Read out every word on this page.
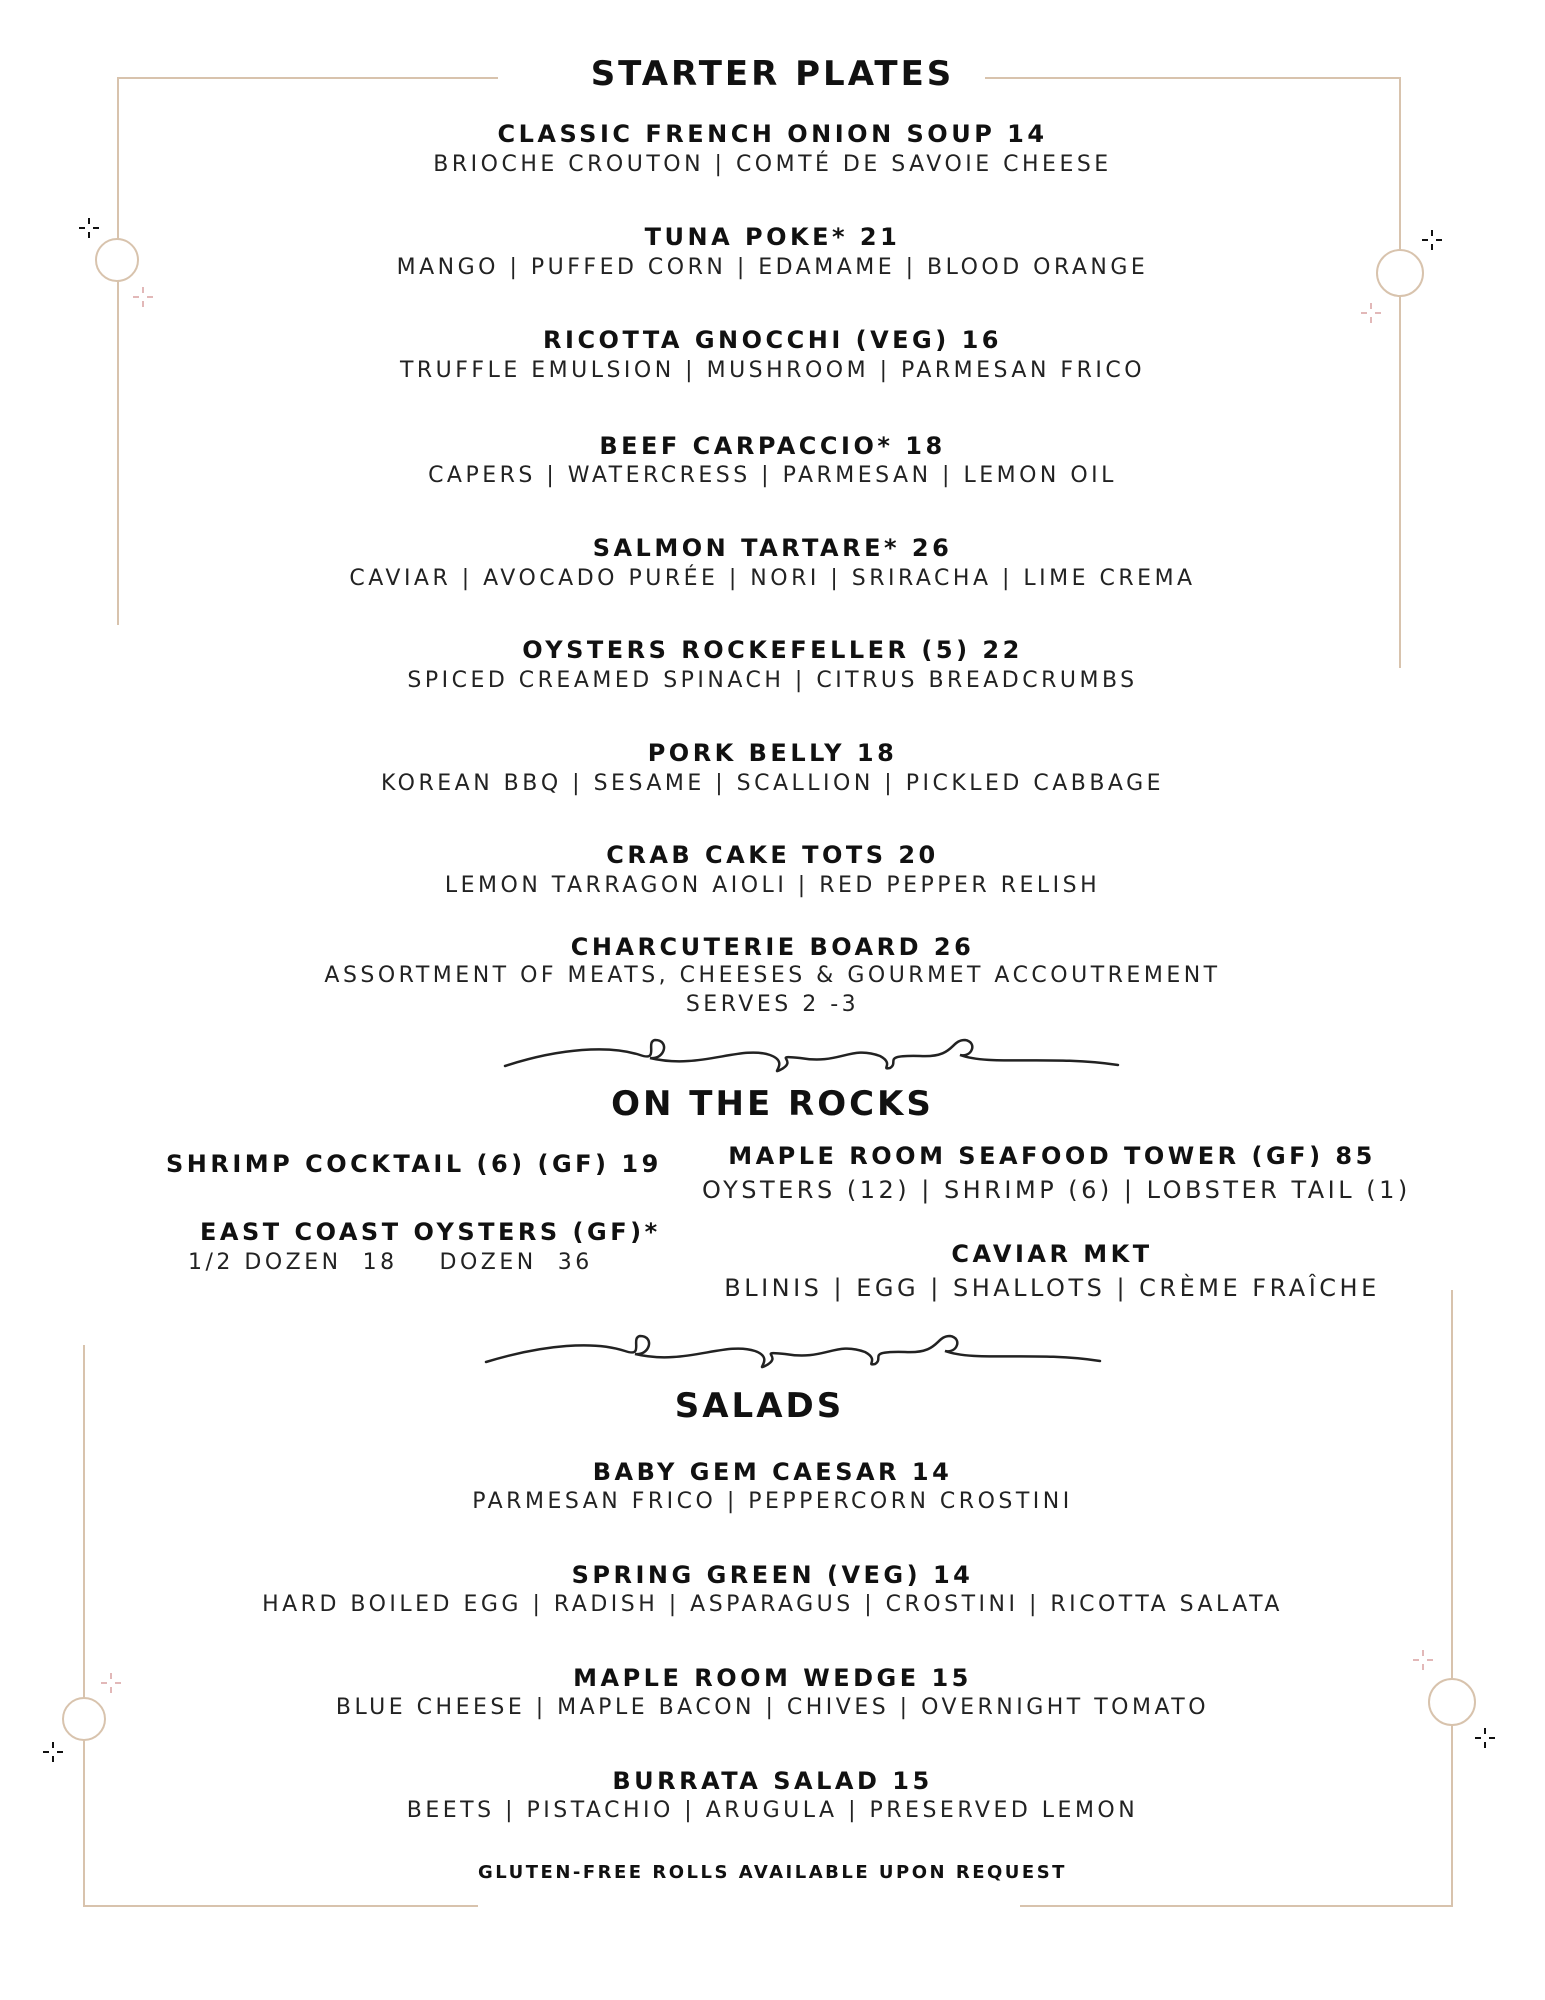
STARTER PLATES
CLASSIC FRENCH ONION SOUP 14
BRIOCHE CROUTON | COMTÉ DE SAVOIE CHEESE
TUNA POKE* 21
MANGO | PUFFED CORN | EDAMAME | BLOOD ORANGE
RICOTTA GNOCCHI (VEG) 16
TRUFFLE EMULSION | MUSHROOM | PARMESAN FRICO
BEEF CARPACCIO* 18
CAPERS | WATERCRESS | PARMESAN | LEMON OIL
SALMON TARTARE* 26
CAVIAR | AVOCADO PURÉE | NORI | SRIRACHA | LIME CREMA
OYSTERS ROCKEFELLER (5) 22
SPICED CREAMED SPINACH | CITRUS BREADCRUMBS
PORK BELLY 18
KOREAN BBQ | SESAME | SCALLION | PICKLED CABBAGE
CRAB CAKE TOTS 20
LEMON TARRAGON AIOLI | RED PEPPER RELISH
CHARCUTERIE BOARD 26
ASSORTMENT OF MEATS, CHEESES & GOURMET ACCOUTREMENT
SERVES 2 -3
ON THE ROCKS
SHRIMP COCKTAIL (6) (GF) 19
EAST COAST OYSTERS (GF)*
1/2 DOZEN  18    DOZEN  36
MAPLE ROOM SEAFOOD TOWER (GF) 85
OYSTERS (12) | SHRIMP (6) | LOBSTER TAIL (1)
CAVIAR MKT
BLINIS | EGG | SHALLOTS | CRÈME FRAÎCHE
SALADS
BABY GEM CAESAR 14
PARMESAN FRICO | PEPPERCORN CROSTINI
SPRING GREEN (VEG) 14
HARD BOILED EGG | RADISH | ASPARAGUS | CROSTINI | RICOTTA SALATA
MAPLE ROOM WEDGE 15
BLUE CHEESE | MAPLE BACON | CHIVES | OVERNIGHT TOMATO
BURRATA SALAD 15
BEETS | PISTACHIO | ARUGULA | PRESERVED LEMON
GLUTEN-FREE ROLLS AVAILABLE UPON REQUEST
